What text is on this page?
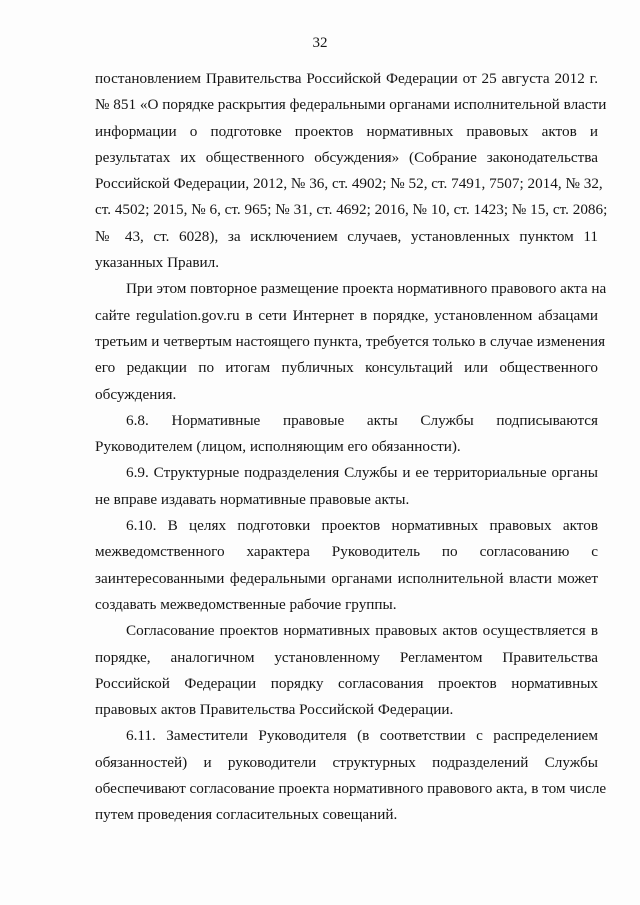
32
постановлением Правительства Российской Федерации от 25 августа 2012 г.
№ 851 «О порядке раскрытия федеральными органами исполнительной власти
информации о подготовке проектов нормативных правовых актов и
результатах их общественного обсуждения» (Собрание законодательства
Российской Федерации, 2012, № 36, ст. 4902; № 52, ст. 7491, 7507; 2014, № 32,
ст. 4502; 2015, № 6, ст. 965; № 31, ст. 4692; 2016, № 10, ст. 1423; № 15, ст. 2086;
№ 43, ст. 6028), за исключением случаев, установленных пунктом 11
указанных Правил.
При этом повторное размещение проекта нормативного правового акта на
сайте regulation.gov.ru в сети Интернет в порядке, установленном абзацами
третьим и четвертым настоящего пункта, требуется только в случае изменения
его редакции по итогам публичных консультаций или общественного
обсуждения.
6.8. Нормативные правовые акты Службы подписываются
Руководителем (лицом, исполняющим его обязанности).
6.9. Структурные подразделения Службы и ее территориальные органы
не вправе издавать нормативные правовые акты.
6.10. В целях подготовки проектов нормативных правовых актов
межведомственного характера Руководитель по согласованию с
заинтересованными федеральными органами исполнительной власти может
создавать межведомственные рабочие группы.
Согласование проектов нормативных правовых актов осуществляется в
порядке, аналогичном установленному Регламентом Правительства
Российской Федерации порядку согласования проектов нормативных
правовых актов Правительства Российской Федерации.
6.11. Заместители Руководителя (в соответствии с распределением
обязанностей) и руководители структурных подразделений Службы
обеспечивают согласование проекта нормативного правового акта, в том числе
путем проведения согласительных совещаний.
